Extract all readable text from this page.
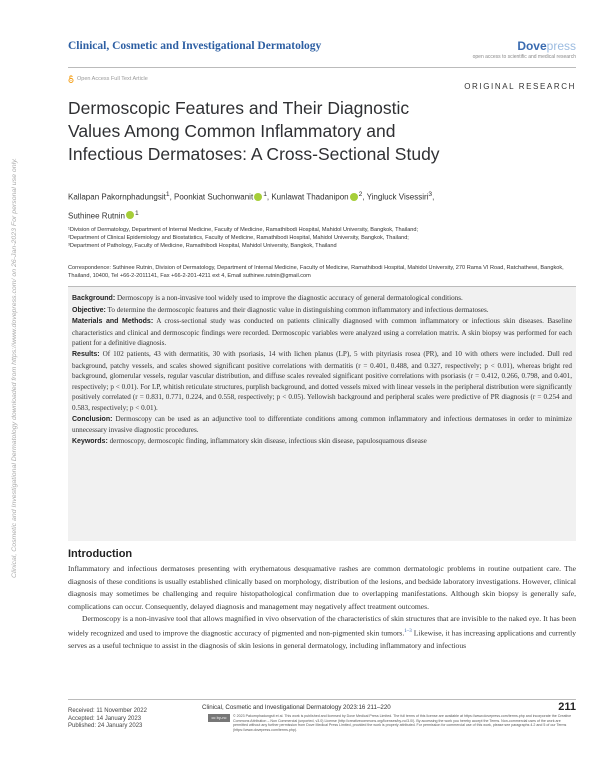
Clinical, Cosmetic and Investigational Dermatology	Dovepress
open access to scientific and medical research
Open Access Full Text Article
ORIGINAL RESEARCH
Dermoscopic Features and Their Diagnostic
Values Among Common Inflammatory and
Infectious Dermatoses: A Cross-Sectional Study
Kallapan Pakornphadungsit$^1$, Poonkiat Suchonwanit $^1$, Kunlawat Thadanipon $^2$, Yingluck Visessiri$^3$,
Suthinee Rutnin $^1$
¹Division of Dermatology, Department of Internal Medicine, Faculty of Medicine, Ramathibodi Hospital, Mahidol University, Bangkok, Thailand;
²Department of Clinical Epidemiology and Biostatistics, Faculty of Medicine, Ramathibodi Hospital, Mahidol University, Bangkok, Thailand;
³Department of Pathology, Faculty of Medicine, Ramathibodi Hospital, Mahidol University, Bangkok, Thailand
Correspondence: Suthinee Rutnin, Division of Dermatology, Department of Internal Medicine, Faculty of Medicine, Ramathibodi Hospital, Mahidol University, 270 Rama VI Road, Ratchathewi, Bangkok, Thailand, 10400, Tel +66-2-2011141, Fax +66-2-201-4211 ext 4, Email suthinee.rutnin@gmail.com

Background: Dermoscopy is a non-invasive tool widely used to improve the diagnostic accuracy of general dermatological conditions.

Objective: To determine the dermoscopic features and their diagnostic value in distinguishing common inflammatory and infectious dermatoses.

Materials and Methods: A cross-sectional study was conducted on patients clinically diagnosed with common inflammatory or infectious skin diseases. Baseline characteristics and clinical and dermoscopic findings were recorded. Dermoscopic variables were analyzed using a correlation matrix. A skin biopsy was performed for each patient for a definitive diagnosis.

Results: Of 102 patients, 43 with dermatitis, 30 with psoriasis, 14 with lichen planus (LP), 5 with pityriasis rosea (PR), and 10 with others were included. Dull red background, patchy vessels, and scales showed significant positive correlations with dermatitis (r = 0.401, 0.488, and 0.327, respectively; p < 0.01), whereas bright red background, glomerular vessels, regular vascular distribution, and diffuse scales revealed significant positive correlations with psoriasis (r = 0.412, 0.266, 0.798, and 0.401, respectively; p < 0.01). For LP, whitish reticulate structures, purplish background, and dotted vessels mixed with linear vessels in the peripheral distribution were significantly positively correlated (r = 0.831, 0.771, 0.224, and 0.558, respectively; p < 0.05). Yellowish background and peripheral scales were predictive of PR diagnosis (r = 0.254 and 0.583, respectively; p < 0.01).

Conclusion: Dermoscopy can be used as an adjunctive tool to differentiate conditions among common inflammatory and infectious dermatoses in order to minimize unnecessary invasive diagnostic procedures.

Keywords: dermoscopy, dermoscopic finding, inflammatory skin disease, infectious skin disease, papulosquamous disease

Clinical, Cosmetic and Investigational Dermatology downloaded from https://www.dovepress.com/ on 26-Jan-2023 For personal use only.	Introduction

Inflammatory and infectious dermatoses presenting with erythematous desquamative rashes are common dermatologic problems in routine outpatient care. The diagnosis of these conditions is usually established clinically based on morphology, distribution of the lesions, and bedside laboratory investigations. However, clinical diagnosis may sometimes be challenging and require histopathological confirmation due to overlapping manifestations. Although skin biopsy is generally safe, complications can occur. Consequently, delayed diagnosis and management may negatively affect treatment outcomes.

Dermoscopy is a non-invasive tool that allows magnified in vivo observation of the characteristics of skin structures that are invisible to the naked eye. It has been widely recognized and used to improve the diagnostic accuracy of pigmented and non-pigmented skin tumors.$^{1-3}$ Likewise, it has increasing applications and currently serves as a useful technique to assist in the diagnosis of skin lesions in general dermatology, including inflammatory and infectious

Received: 11 November 2022
Accepted: 14 January 2023
Published: 24 January 2023
Clinical, Cosmetic and Investigational Dermatology 2023:16 211–220	211
cc by-nc	© 2023 Pakornphadungsit et al. This work is published and licensed by Dove Medical Press Limited. The full terms of this license are available at https://www.dovepress.com/terms.php and incorporate the Creative Commons Attribution – Non Commercial (unported, v3.0) License (http://creativecommons.org/licenses/by-nc/3.0/). By accessing the work you hereby accept the Terms. Non-commercial uses of the work are permitted without any further permission from Dove Medical Press Limited, provided the work is properly attributed. For permission for commercial use of this work, please see paragraphs 4.2 and 5 of our Terms (https://www.dovepress.com/terms.php).
